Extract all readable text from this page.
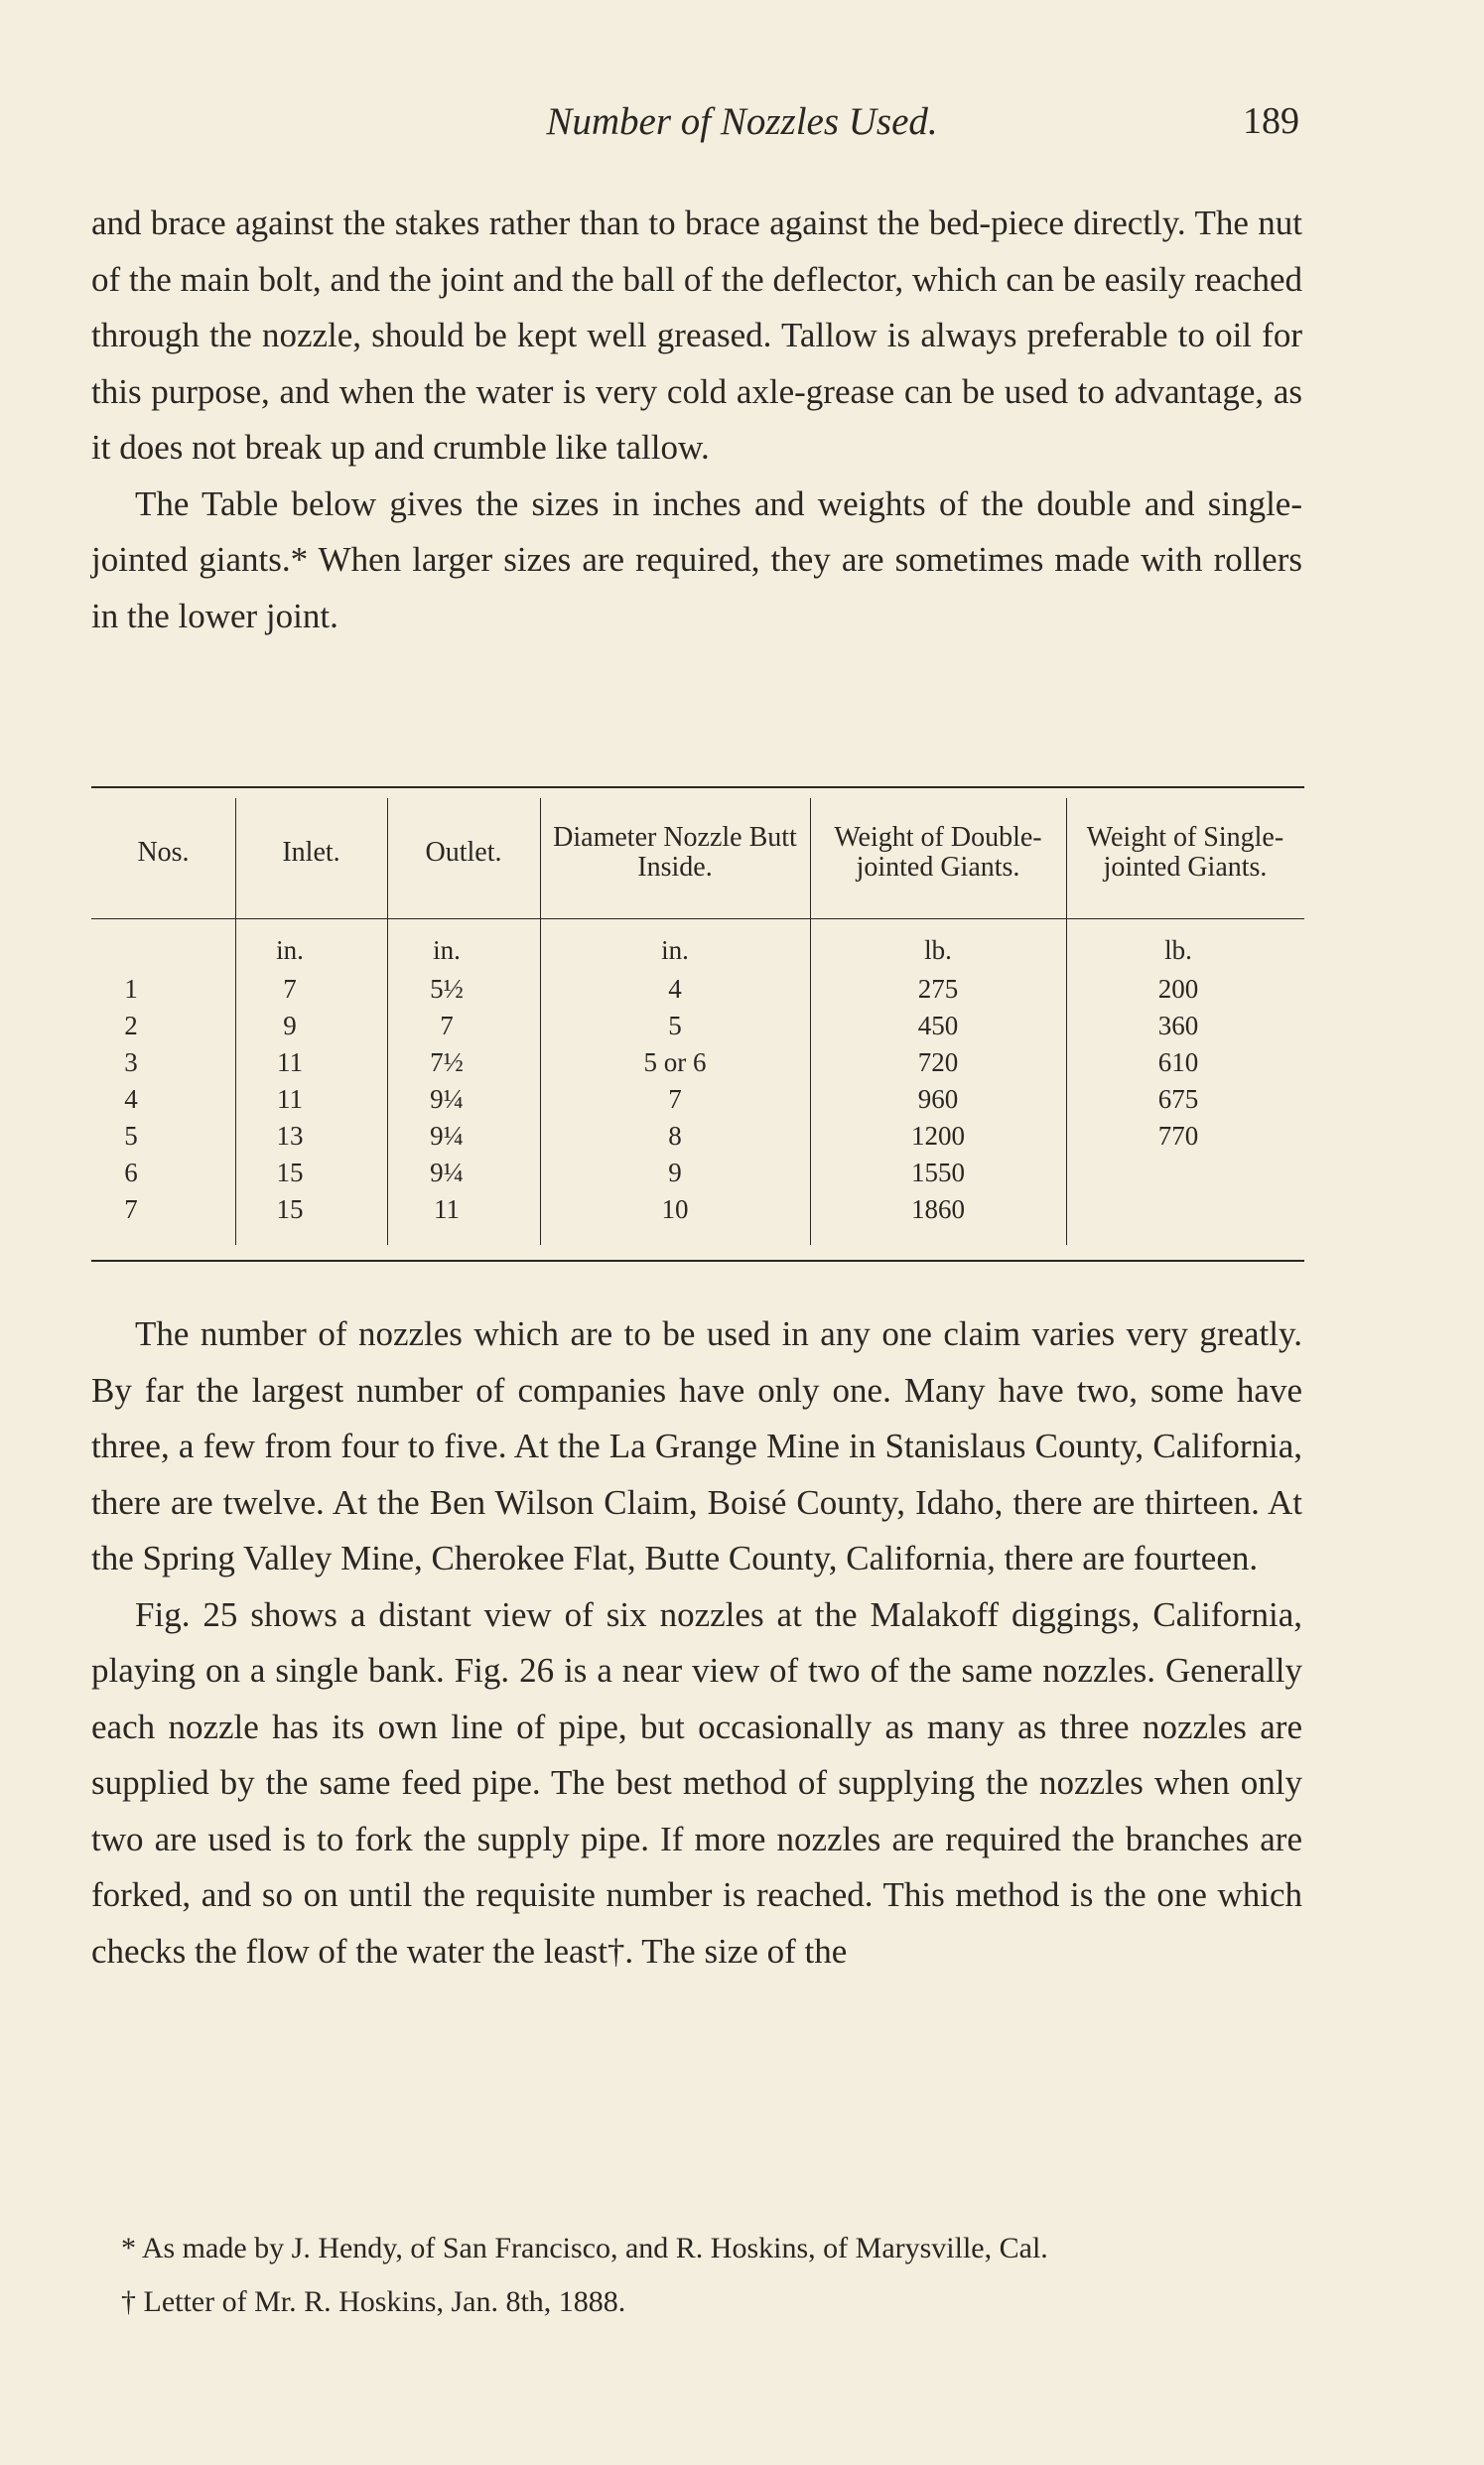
Number of Nozzles Used.	189

and brace against the stakes rather than to brace against the bed-piece directly. The nut of the main bolt, and the joint and the ball of the deflector, which can be easily reached through the nozzle, should be kept well greased. Tallow is always preferable to oil for this purpose, and when the water is very cold axle-grease can be used to advantage, as it does not break up and crumble like tallow.

The Table below gives the sizes in inches and weights of the double and single-jointed giants.* When larger sizes are required, they are sometimes made with rollers in the lower joint.

Nos.
1
2
3
4
5
6
7
Inlet.
in.
7
9
11
11
13
15
15
Outlet.
in.
5½
7
7½
9¼
9¼
9¼
11
Diameter Nozzle Butt Inside.
in.
4
5
5 or 6
7
8
9
10
Weight of Double-jointed Giants.
lb.
275
450
720
960
1200
1550
1860
Weight of Single-jointed Giants.
lb.
200
360
610
675
770

The number of nozzles which are to be used in any one claim varies very greatly. By far the largest number of companies have only one. Many have two, some have three, a few from four to five. At the La Grange Mine in Stanislaus County, California, there are twelve. At the Ben Wilson Claim, Boisé County, Idaho, there are thirteen. At the Spring Valley Mine, Cherokee Flat, Butte County, California, there are fourteen.

Fig. 25 shows a distant view of six nozzles at the Malakoff diggings, California, playing on a single bank. Fig. 26 is a near view of two of the same nozzles. Generally each nozzle has its own line of pipe, but occasionally as many as three nozzles are supplied by the same feed pipe. The best method of supplying the nozzles when only two are used is to fork the supply pipe. If more nozzles are required the branches are forked, and so on until the requisite number is reached. This method is the one which checks the flow of the water the least†. The size of the

* As made by J. Hendy, of San Francisco, and R. Hoskins, of Marysville, Cal.

† Letter of Mr. R. Hoskins, Jan. 8th, 1888.
